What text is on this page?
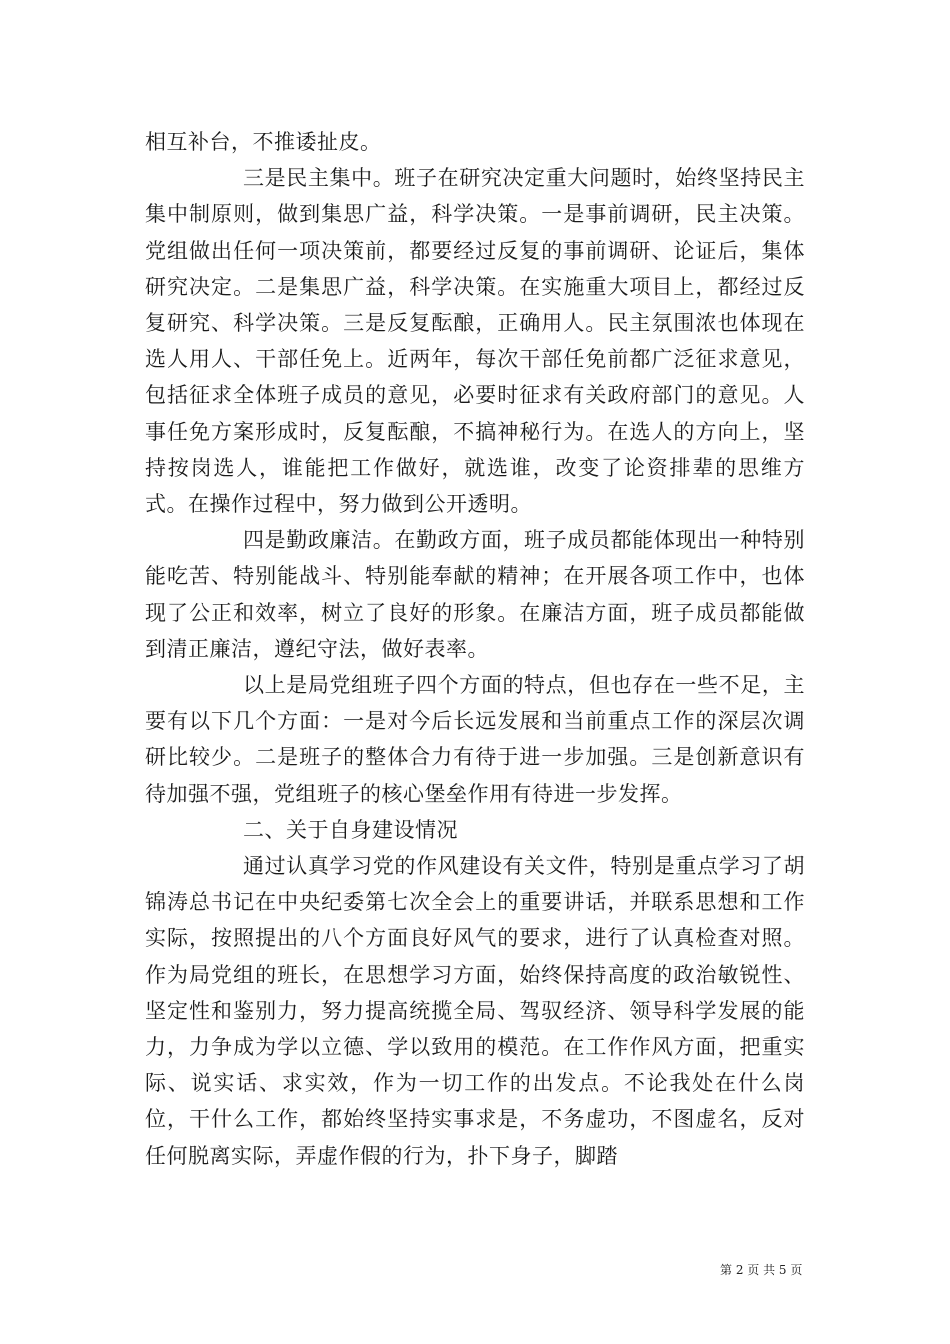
相互补台，不推诿扯皮。

三是民主集中。班子在研究决定重大问题时，始终坚持民主集中制原则，做到集思广益，科学决策。一是事前调研，民主决策。党组做出任何一项决策前，都要经过反复的事前调研、论证后，集体研究决定。二是集思广益，科学决策。在实施重大项目上，都经过反复研究、科学决策。三是反复酝酿，正确用人。民主氛围浓也体现在选人用人、干部任免上。近两年，每次干部任免前都广泛征求意见，包括征求全体班子成员的意见，必要时征求有关政府部门的意见。人事任免方案形成时，反复酝酿，不搞神秘行为。在选人的方向上，坚持按岗选人，谁能把工作做好，就选谁，改变了论资排辈的思维方式。在操作过程中，努力做到公开透明。

四是勤政廉洁。在勤政方面，班子成员都能体现出一种特别能吃苦、特别能战斗、特别能奉献的精神；在开展各项工作中，也体现了公正和效率，树立了良好的形象。在廉洁方面，班子成员都能做到清正廉洁，遵纪守法，做好表率。

以上是局党组班子四个方面的特点，但也存在一些不足，主要有以下几个方面：一是对今后长远发展和当前重点工作的深层次调研比较少。二是班子的整体合力有待于进一步加强。三是创新意识有待加强不强，党组班子的核心堡垒作用有待进一步发挥。

二、关于自身建设情况

通过认真学习党的作风建设有关文件，特别是重点学习了胡锦涛总书记在中央纪委第七次全会上的重要讲话，并联系思想和工作实际，按照提出的八个方面良好风气的要求，进行了认真检查对照。作为局党组的班长，在思想学习方面，始终保持高度的政治敏锐性、坚定性和鉴别力，努力提高统揽全局、驾驭经济、领导科学发展的能力，力争成为学以立德、学以致用的模范。在工作作风方面，把重实际、说实话、求实效，作为一切工作的出发点。不论我处在什么岗位，干什么工作，都始终坚持实事求是，不务虚功，不图虚名，反对任何脱离实际，弄虚作假的行为，扑下身子，脚踏

第 2 页 共 5 页
